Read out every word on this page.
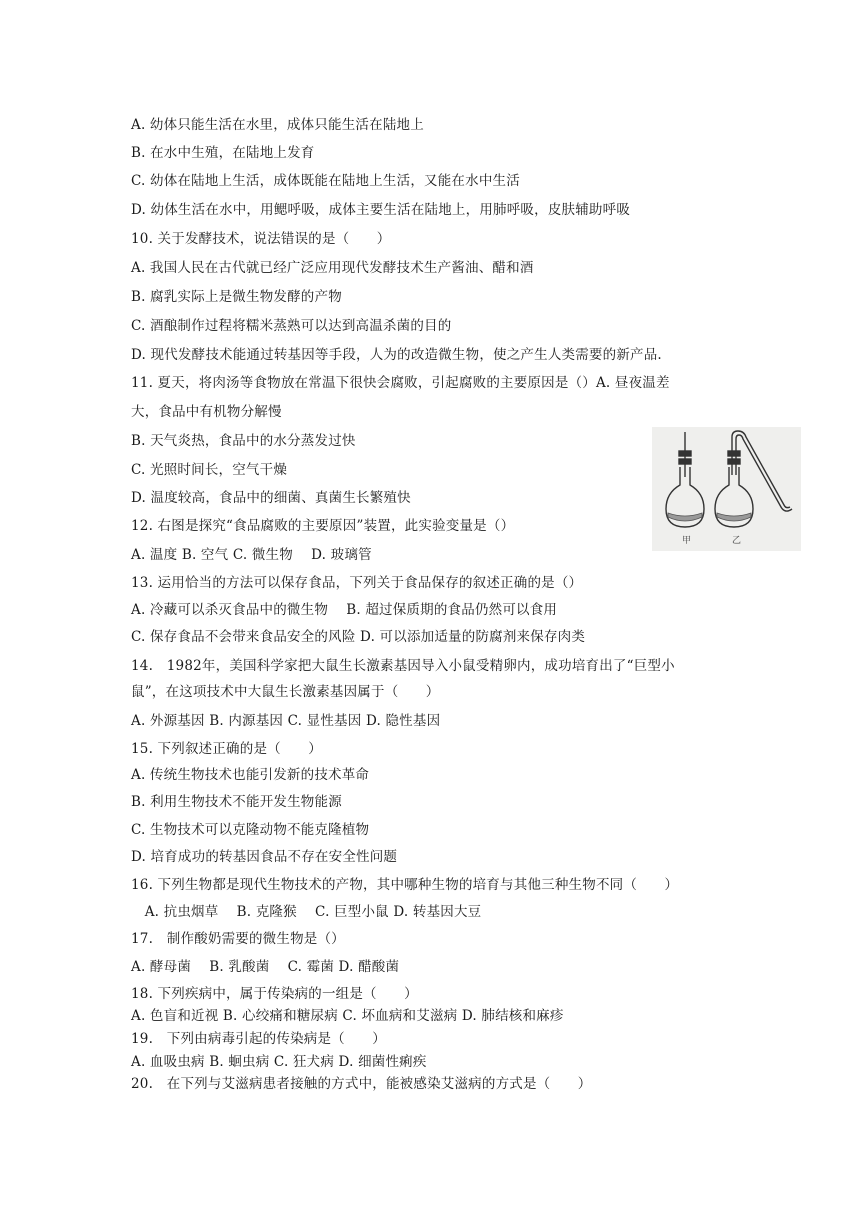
A. 幼体只能生活在水里，成体只能生活在陆地上
B. 在水中生殖，在陆地上发育
C. 幼体在陆地上生活，成体既能在陆地上生活，又能在水中生活
D. 幼体生活在水中，用鳃呼吸，成体主要生活在陆地上，用肺呼吸，皮肤辅助呼吸
10. 关于发酵技术，说法错误的是（　　）
A. 我国人民在古代就已经广泛应用现代发酵技术生产酱油、醋和酒
B. 腐乳实际上是微生物发酵的产物
C. 酒酿制作过程将糯米蒸熟可以达到高温杀菌的目的
D. 现代发酵技术能通过转基因等手段，人为的改造微生物，使之产生人类需要的新产品.
11. 夏天，将肉汤等食物放在常温下很快会腐败，引起腐败的主要原因是（）A. 昼夜温差
大，食品中有机物分解慢
B. 天气炎热，食品中的水分蒸发过快
C. 光照时间长，空气干燥
D. 温度较高，食品中的细菌、真菌生长繁殖快
12. 右图是探究“食品腐败的主要原因”装置，此实验变量是（）
A. 温度 B. 空气 C. 微生物　 D. 玻璃管
13. 运用恰当的方法可以保存食品，下列关于食品保存的叙述正确的是（）
A. 冷藏可以杀灭食品中的微生物　 B. 超过保质期的食品仍然可以食用
C. 保存食品不会带来食品安全的风险 D. 可以添加适量的防腐剂来保存肉类
14.　1982年，美国科学家把大鼠生长激素基因导入小鼠受精卵内，成功培育出了“巨型小
鼠”，在这项技术中大鼠生长激素基因属于（　　）
A. 外源基因 B. 内源基因 C. 显性基因 D. 隐性基因
15. 下列叙述正确的是（　　）
A. 传统生物技术也能引发新的技术革命
B. 利用生物技术不能开发生物能源
C. 生物技术可以克隆动物不能克隆植物
D. 培育成功的转基因食品不存在安全性问题
16. 下列生物都是现代生物技术的产物，其中哪种生物的培育与其他三种生物不同（　　）
　A. 抗虫烟草　 B. 克隆猴　 C. 巨型小鼠 D. 转基因大豆
17.　制作酸奶需要的微生物是（）
A. 酵母菌　 B. 乳酸菌　 C. 霉菌 D. 醋酸菌
18. 下列疾病中，属于传染病的一组是（　　）
A. 色盲和近视 B. 心绞痛和糖尿病 C. 坏血病和艾滋病 D. 肺结核和麻疹
19.　下列由病毒引起的传染病是（　　）
A. 血吸虫病 B. 蛔虫病 C. 狂犬病 D. 细菌性痢疾
20.　在下列与艾滋病患者接触的方式中，能被感染艾滋病的方式是（　　）
甲	乙
